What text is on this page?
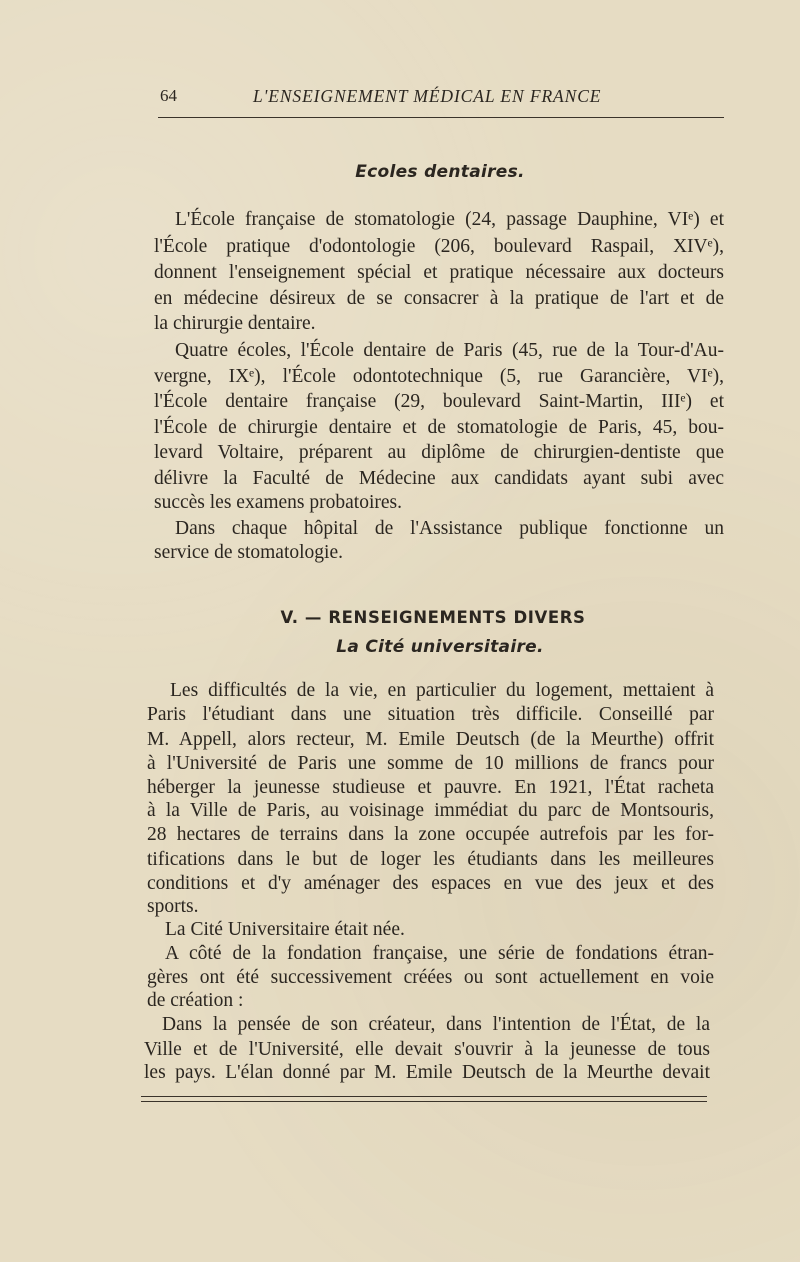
64	L'ENSEIGNEMENT MÉDICAL EN FRANCE
Ecoles dentaires.
L'École française de stomatologie (24, passage Dauphine, VIᵉ) et
l'École pratique d'odontologie (206, boulevard Raspail, XIVᵉ),
donnent l'enseignement spécial et pratique nécessaire aux docteurs
en médecine désireux de se consacrer à la pratique de l'art et de
la chirurgie dentaire.
Quatre écoles, l'École dentaire de Paris (45, rue de la Tour-d'Au-
vergne, IXᵉ), l'École odontotechnique (5, rue Garancière, VIᵉ),
l'École dentaire française (29, boulevard Saint-Martin, IIIᵉ) et
l'École de chirurgie dentaire et de stomatologie de Paris, 45, bou-
levard Voltaire, préparent au diplôme de chirurgien-dentiste que
délivre la Faculté de Médecine aux candidats ayant subi avec
succès les examens probatoires.
Dans chaque hôpital de l'Assistance publique fonctionne un
service de stomatologie.
V. — RENSEIGNEMENTS DIVERS
La Cité universitaire.
Les difficultés de la vie, en particulier du logement, mettaient à
Paris l'étudiant dans une situation très difficile. Conseillé par
M. Appell, alors recteur, M. Emile Deutsch (de la Meurthe) offrit
à l'Université de Paris une somme de 10 millions de francs pour
héberger la jeunesse studieuse et pauvre. En 1921, l'État racheta
à la Ville de Paris, au voisinage immédiat du parc de Montsouris,
28 hectares de terrains dans la zone occupée autrefois par les for-
tifications dans le but de loger les étudiants dans les meilleures
conditions et d'y aménager des espaces en vue des jeux et des
sports.
La Cité Universitaire était née.
A côté de la fondation française, une série de fondations étran-
gères ont été successivement créées ou sont actuellement en voie
de création :
Dans la pensée de son créateur, dans l'intention de l'État, de la
Ville et de l'Université, elle devait s'ouvrir à la jeunesse de tous
les pays. L'élan donné par M. Emile Deutsch de la Meurthe devait
